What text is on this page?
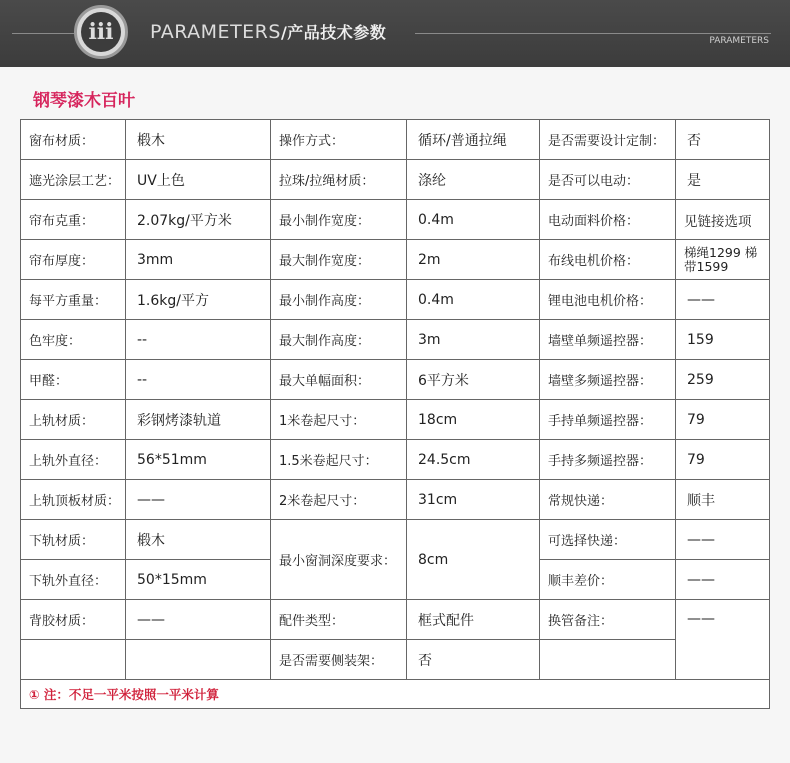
iii	PARAMETERS/产品技术参数	PARAMETERS
钢琴漆木百叶
窗布材质：	椴木	操作方式：	循环/普通拉绳	是否需要设计定制：	否
遮光涂层工艺：	UV上色	拉珠/拉绳材质：	涤纶	是否可以电动：	是
帘布克重：	2.07kg/平方米	最小制作宽度：	0.4m	电动面料价格：	见链接选项
帘布厚度：	3mm	最大制作宽度：	2m	布线电机价格：	梯绳1299 梯带1599
每平方重量：	1.6kg/平方	最小制作高度：	0.4m	锂电池电机价格：	——
色牢度：	--	最大制作高度：	3m	墙壁单频遥控器：	159
甲醛：	--	最大单幅面积：	6平方米	墙壁多频遥控器：	259
上轨材质：	彩钢烤漆轨道	1米卷起尺寸：	18cm	手持单频遥控器：	79
上轨外直径：	56*51mm	1.5米卷起尺寸：	24.5cm	手持多频遥控器：	79
上轨顶板材质：	——	2米卷起尺寸：	31cm	常规快递：	顺丰
下轨材质：	椴木	最小窗洞深度要求：	8cm	可选择快递：	——
下轨外直径：	50*15mm			顺丰差价：	——
背胶材质：	——	配件类型：	框式配件	换管备注：	——
		是否需要侧装架：	否		
① 注：不足一平米按照一平米计算					
